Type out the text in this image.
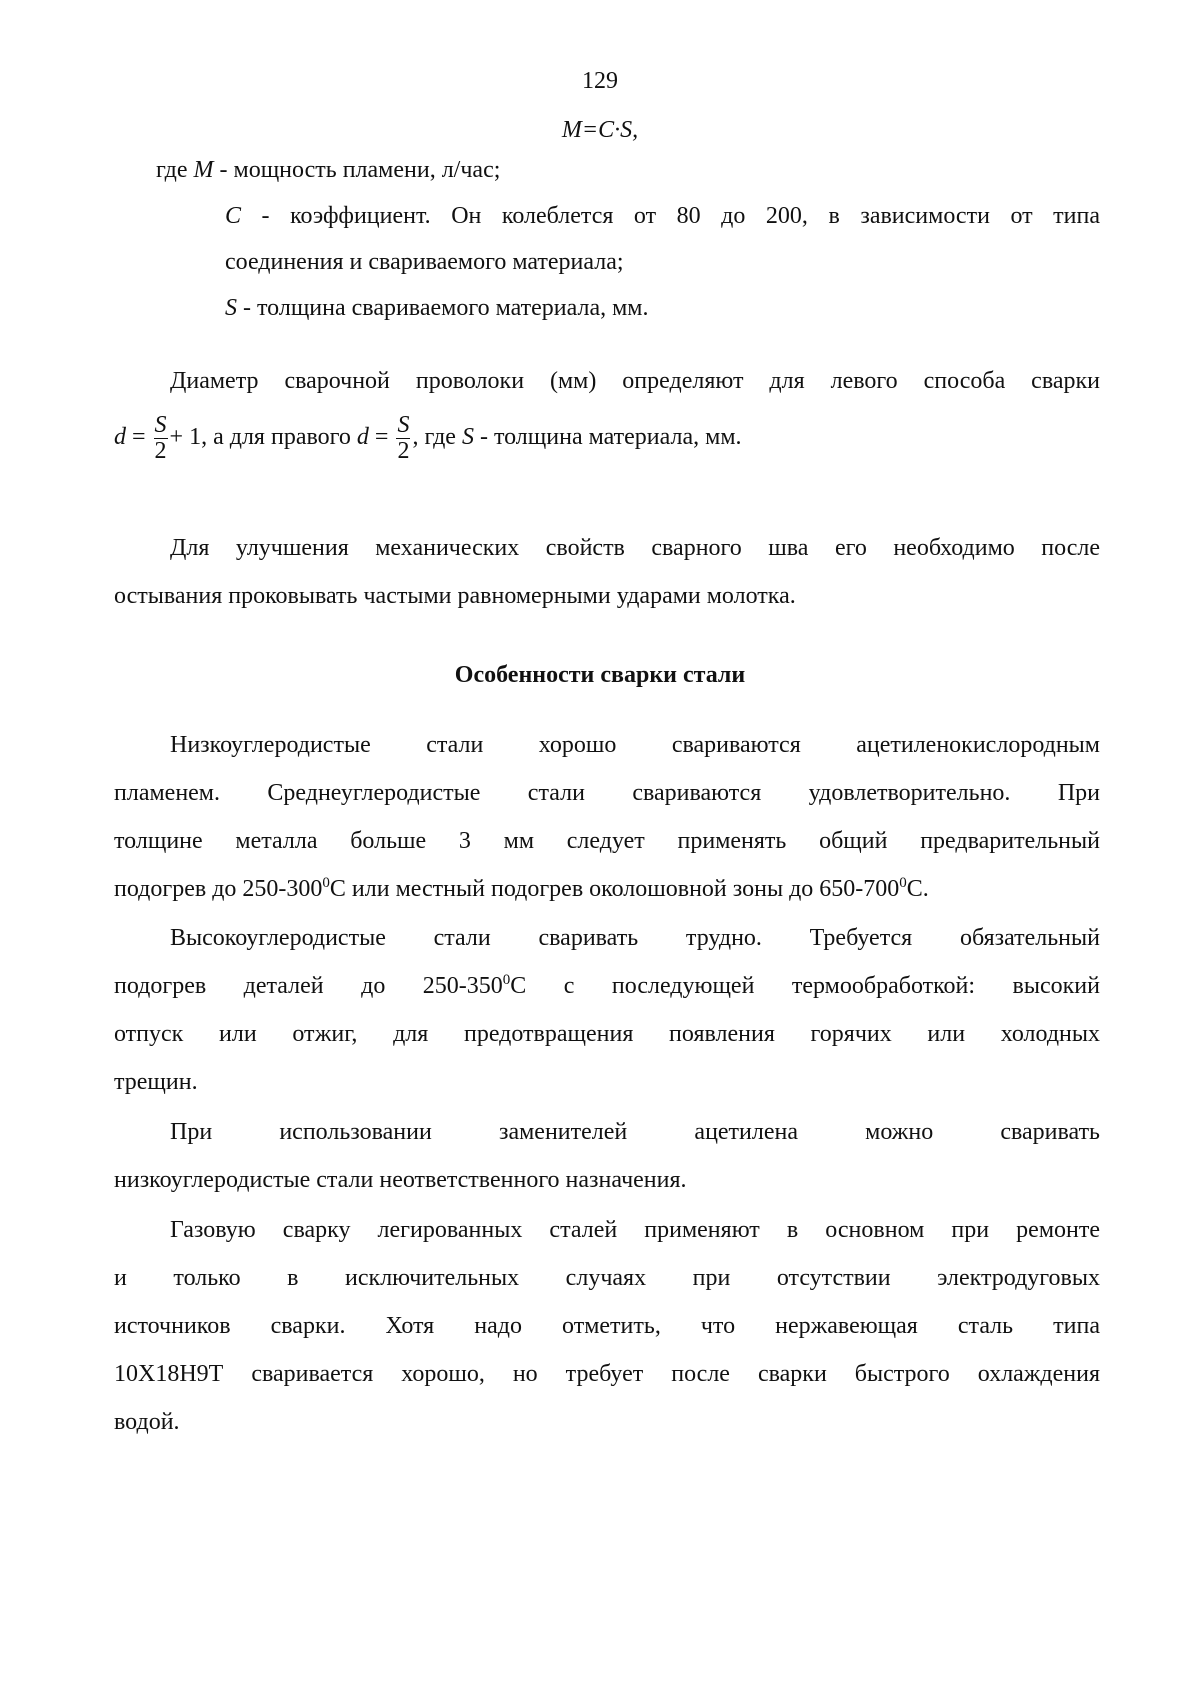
129
M=C·S,
где M - мощность пламени, л/час;
C - коэффициент. Он колеблется от 80 до 200, в зависимости от типа
соединения и свариваемого материала;
S - толщина свариваемого материала, мм.
Диаметр сварочной проволоки (мм) определяют для левого способа сварки
$d = \frac{S}{2} + 1$, а для правого $d = \frac{S}{2}$ , где S - толщина материала, мм.
Для улучшения механических свойств сварного шва его необходимо после
остывания проковывать частыми равномерными ударами молотка.
Особенности сварки стали
Низкоуглеродистые стали хорошо свариваются ацетиленокислородным
пламенем. Среднеуглеродистые стали свариваются удовлетворительно. При
толщине металла больше 3 мм следует применять общий предварительный
подогрев до $250-300^0С$ или местный подогрев околошовной зоны до $650-700^0С$.
Высокоуглеродистые стали сваривать трудно. Требуется обязательный
подогрев деталей до $250-350^0С$ с последующей термообработкой: высокий
отпуск или отжиг, для предотвращения появления горячих или холодных
трещин.
При использовании заменителей ацетилена можно сваривать
низкоуглеродистые стали неответственного назначения.
Газовую сварку легированных сталей применяют в основном при ремонте
и только в исключительных случаях при отсутствии электродуговых
источников сварки. Хотя надо отметить, что нержавеющая сталь типа
10Х18Н9Т сваривается хорошо, но требует после сварки быстрого охлаждения
водой.
